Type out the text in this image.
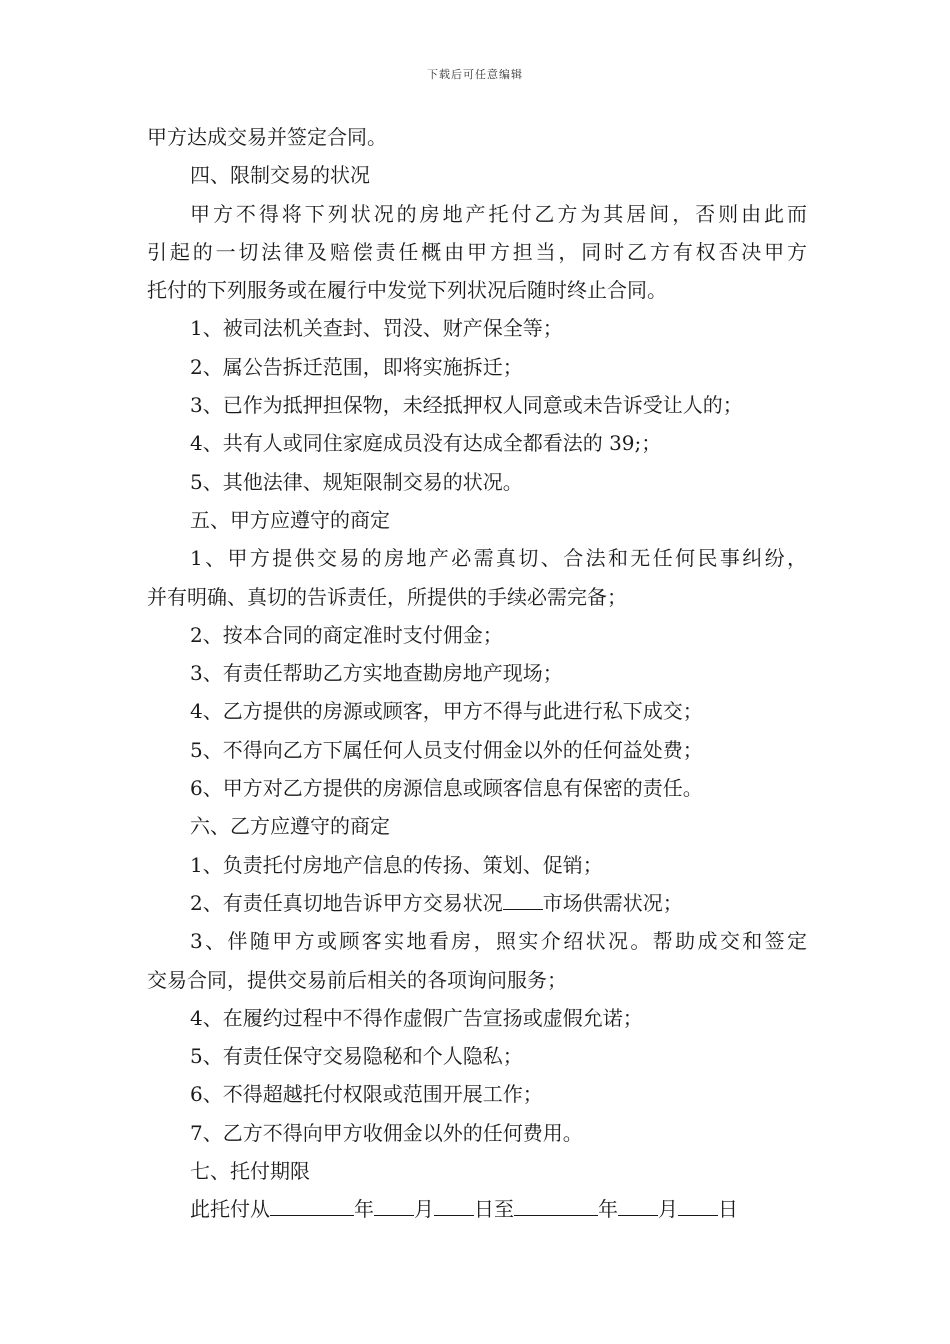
下载后可任意编辑
甲方达成交易并签定合同。
四、限制交易的状况
甲方不得将下列状况的房地产托付乙方为其居间，否则由此而
引起的一切法律及赔偿责任概由甲方担当，同时乙方有权否决甲方
托付的下列服务或在履行中发觉下列状况后随时终止合同。
1、被司法机关查封、罚没、财产保全等；
2、属公告拆迁范围，即将实施拆迁；
3、已作为抵押担保物，未经抵押权人同意或未告诉受让人的；
4、共有人或同住家庭成员没有达成全都看法的 39;；
5、其他法律、规矩限制交易的状况。
五、甲方应遵守的商定
1、甲方提供交易的房地产必需真切、合法和无任何民事纠纷，
并有明确、真切的告诉责任，所提供的手续必需完备；
2、按本合同的商定准时支付佣金；
3、有责任帮助乙方实地查勘房地产现场；
4、乙方提供的房源或顾客，甲方不得与此进行私下成交；
5、不得向乙方下属任何人员支付佣金以外的任何益处费；
6、甲方对乙方提供的房源信息或顾客信息有保密的责任。
六、乙方应遵守的商定
1、负责托付房地产信息的传扬、策划、促销；
2、有责任真切地告诉甲方交易状况 市场供需状况；
3、伴随甲方或顾客实地看房，照实介绍状况。帮助成交和签定
交易合同，提供交易前后相关的各项询问服务；
4、在履约过程中不得作虚假广告宣扬或虚假允诺；
5、有责任保守交易隐秘和个人隐私；
6、不得超越托付权限或范围开展工作；
7、乙方不得向甲方收佣金以外的任何费用。
七、托付期限
此托付从	年 月 日至	年 月 日
